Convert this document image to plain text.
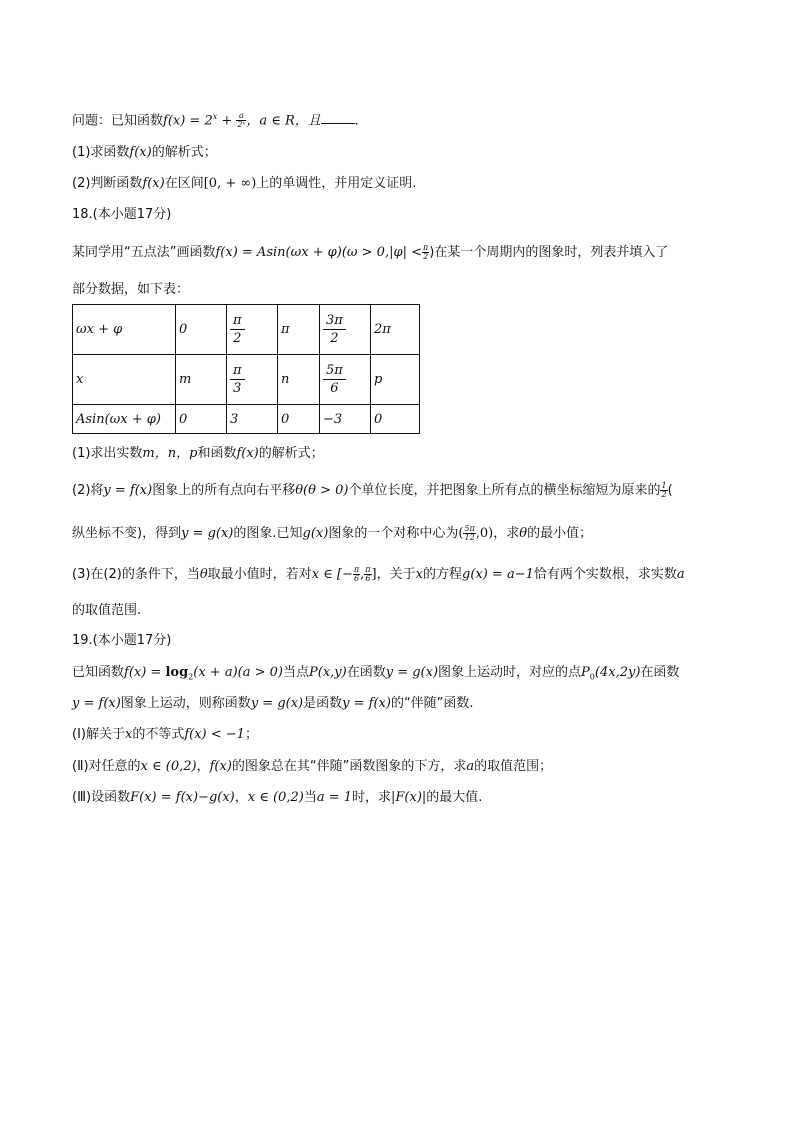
问题：已知函数$f(x) = 2^x + \frac{a}{\text{2ˣ}}$ ，a ∈ R，且	.
(1)求函数f(x)的解析式；
(2)判断函数f(x)在区间[0, + ∞)上的单调性，并用定义证明.
18.(本小题17分)
某同学用“五点法”画函数$f(x) = Asin(\omega x + \varphi)(\omega > 0,|\varphi| < \frac{\pi}{2}$ )在某一个周期内的图象时，列表并填入了
部分数据，如下表：
ωx + φ	0	$\frac{\pi}{2}$	π	$\frac{3\pi}{2}$	2π
x	m	$\frac{\pi}{3}$	n	$\frac{5\pi}{6}$	p
Asin(ωx + φ)	0	3	0	−3	0
(1)求出实数m，n，p和函数f(x)的解析式；
(2)将y = f(x)图象上的所有点向右平移θ(θ > 0)个单位长度，并把图象上所有点的横坐标缩短为原来的 $\frac{1}{2}$ (
纵坐标不变)，得到y = g(x)的图象.已知g(x)图象的一个对称中心为( $\frac{5\pi}{12} ,0$)，求θ的最小值；
(3)在(2)的条件下，当θ取最小值时，若对x ∈ [− $\frac{\pi}{6}$ , $\frac{\pi}{6}$ ]，关于x的方程g(x) = a−1恰有两个实数根，求实数a
的取值范围.
19.(本小题17分)
已知函数$f(x) = \log_2(x + a)(a > 0)$当点P(x,y)在函数y = g(x)图象上运动时，对应的点$P_0(4x,2y)$在函数
y = f(x)图象上运动，则称函数y = g(x)是函数y = f(x)的“伴随”函数.
(Ⅰ)解关于x的不等式f(x) < −1；
(Ⅱ)对任意的x ∈ (0,2)，f(x)的图象总在其“伴随”函数图象的下方，求a的取值范围；
(Ⅲ)设函数F(x) = f(x)−g(x)，x ∈ (0,2)当a = 1时，求|F(x)|的最大值.
